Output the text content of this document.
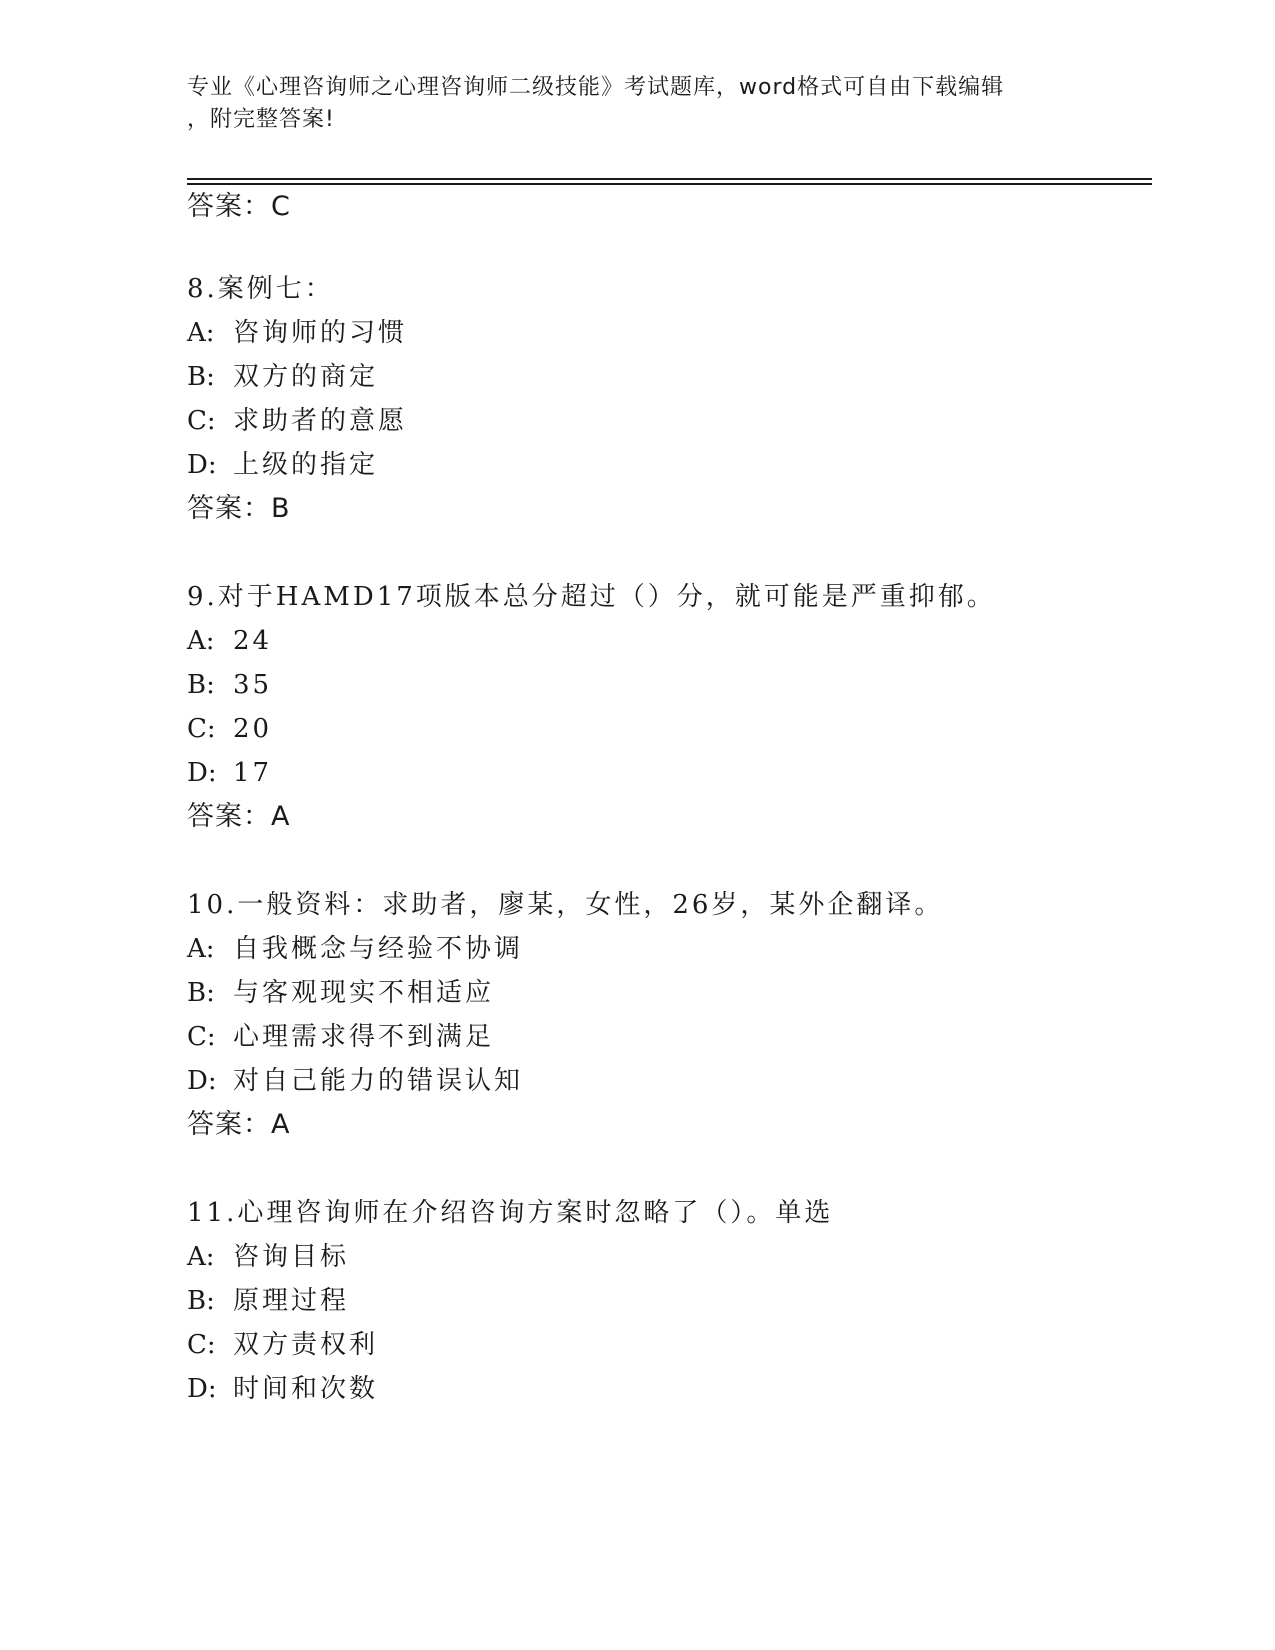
专业《心理咨询师之心理咨询师二级技能》考试题库，word格式可自由下载编辑
，附完整答案!
答案：C
8.案例七：
A: 咨询师的习惯
B: 双方的商定
C: 求助者的意愿
D: 上级的指定
答案：B
9.对于HAMD17项版本总分超过（）分，就可能是严重抑郁。
A: 24
B: 35
C: 20
D: 17
答案：A
10.一般资料：求助者，廖某，女性，26岁，某外企翻译。
A: 自我概念与经验不协调
B: 与客观现实不相适应
C: 心理需求得不到满足
D: 对自己能力的错误认知
答案：A
11.心理咨询师在介绍咨询方案时忽略了（）。单选
A: 咨询目标
B: 原理过程
C: 双方责权利
D: 时间和次数
